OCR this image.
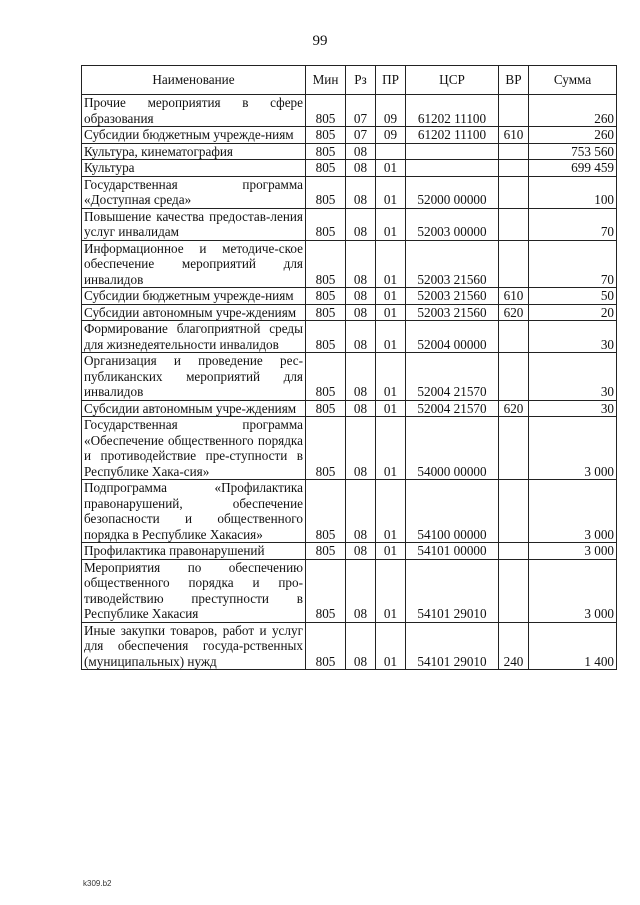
99
Наименование	Мин	Рз	ПР	ЦСР	ВР	Сумма
Прочие мероприятия в сфере образования	805	07	09	61202 11100		260
Субсидии бюджетным учрежде-ниям	805	07	09	61202 11100	610	260
Культура, кинематография	805	08				753 560
Культура	805	08	01			699 459
Государственная программа «Доступная среда»	805	08	01	52000 00000		100
Повышение качества предостав-ления услуг инвалидам	805	08	01	52003 00000		70
Информационное и методиче-ское обеспечение мероприятий для инвалидов	805	08	01	52003 21560		70
Субсидии бюджетным учрежде-ниям	805	08	01	52003 21560	610	50
Субсидии автономным учре-ждениям	805	08	01	52003 21560	620	20
Формирование благоприятной среды для жизнедеятельности инвалидов	805	08	01	52004 00000		30
Организация и проведение рес-публиканских мероприятий для инвалидов	805	08	01	52004 21570		30
Субсидии автономным учре-ждениям	805	08	01	52004 21570	620	30
Государственная программа «Обеспечение общественного порядка и противодействие пре-ступности в Республике Хака-сия»	805	08	01	54000 00000		3 000
Подпрограмма «Профилактика правонарушений, обеспечение безопасности и общественного порядка в Республике Хакасия»	805	08	01	54100 00000		3 000
Профилактика правонарушений	805	08	01	54101 00000		3 000
Мероприятия по обеспечению общественного порядка и про-тиводействию преступности в Республике Хакасия	805	08	01	54101 29010		3 000
Иные закупки товаров, работ и услуг для обеспечения госуда-рственных (муниципальных) нужд	805	08	01	54101 29010	240	1 400
k309.b2
